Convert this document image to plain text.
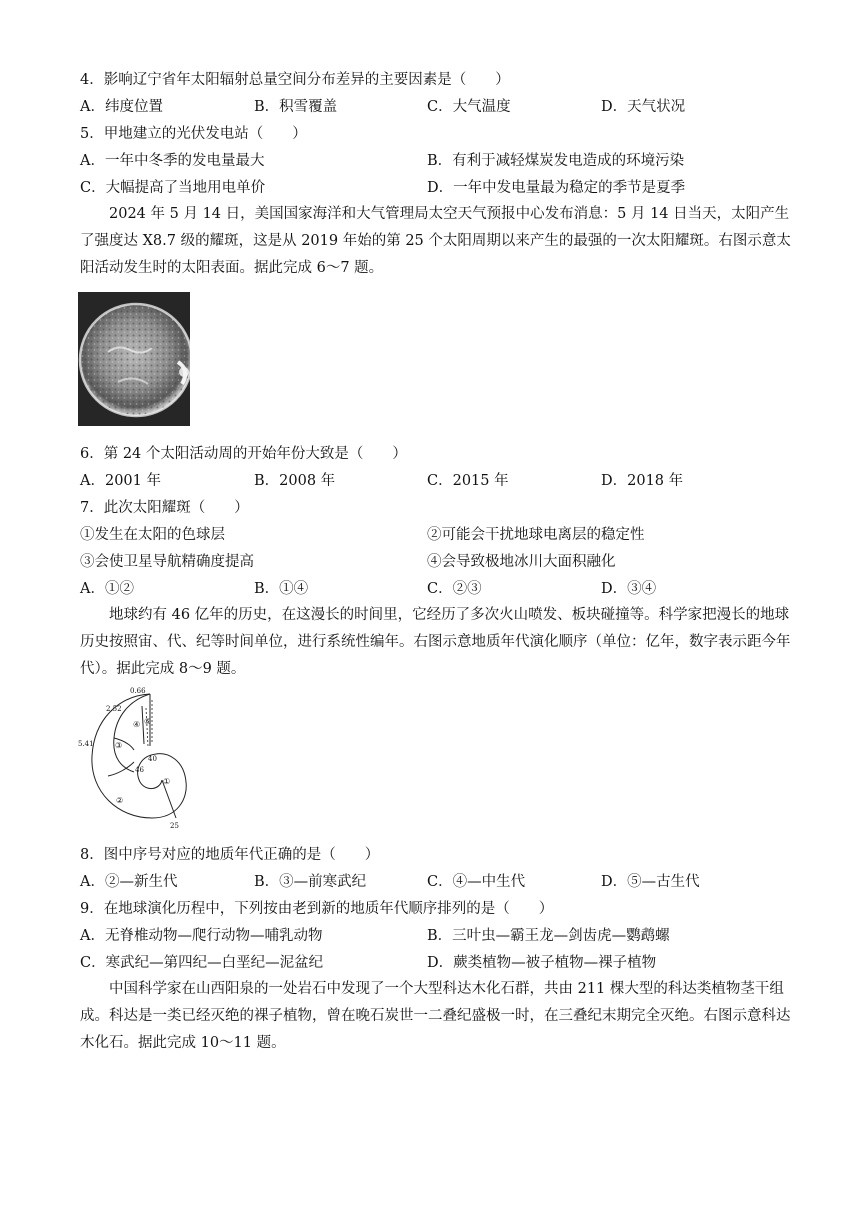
4．影响辽宁省年太阳辐射总量空间分布差异的主要因素是（　　）
A．纬度位置	B．积雪覆盖	C．大气温度	D．天气状况
5．甲地建立的光伏发电站（　　）
A．一年中冬季的发电量最大	B．有利于减轻煤炭发电造成的环境污染
C．大幅提高了当地用电单价	D．一年中发电量最为稳定的季节是夏季
2024 年 5 月 14 日，美国国家海洋和大气管理局太空天气预报中心发布消息：5 月 14 日当天，太阳产生了强度达 X8.7 级的耀斑，这是从 2019 年始的第 25 个太阳周期以来产生的最强的一次太阳耀斑。右图示意太阳活动发生时的太阳表面。据此完成 6～7 题。
6．第 24 个太阳活动周的开始年份大致是（　　）
A．2001 年	B．2008 年	C．2015 年	D．2018 年
7．此次太阳耀斑（　　）
①发生在太阳的色球层	②可能会干扰地球电离层的稳定性
③会使卫星导航精确度提高	④会导致极地冰川大面积融化
A．①②	B．①④	C．②③	D．③④
地球约有 46 亿年的历史，在这漫长的时间里，它经历了多次火山喷发、板块碰撞等。科学家把漫长的地球历史按照宙、代、纪等时间单位，进行系统性编年。右图示意地质年代演化顺序（单位：亿年，数字表示距今年代）。据此完成 8～9 题。
0.66
2.52
5.41
40
46
25
①
②
③
④ ⑤
8．图中序号对应的地质年代正确的是（　　）
A．②—新生代	B．③—前寒武纪	C．④—中生代	D．⑤—古生代
9．在地球演化历程中，下列按由老到新的地质年代顺序排列的是（　　）
A．无脊椎动物—爬行动物—哺乳动物	B．三叶虫—霸王龙—剑齿虎—鹦鹉螺
C．寒武纪—第四纪—白垩纪—泥盆纪	D．蕨类植物—被子植物—裸子植物
中国科学家在山西阳泉的一处岩石中发现了一个大型科达木化石群，共由 211 棵大型的科达类植物茎干组成。科达是一类已经灭绝的裸子植物，曾在晚石炭世一二叠纪盛极一时，在三叠纪末期完全灭绝。右图示意科达木化石。据此完成 10～11 题。
